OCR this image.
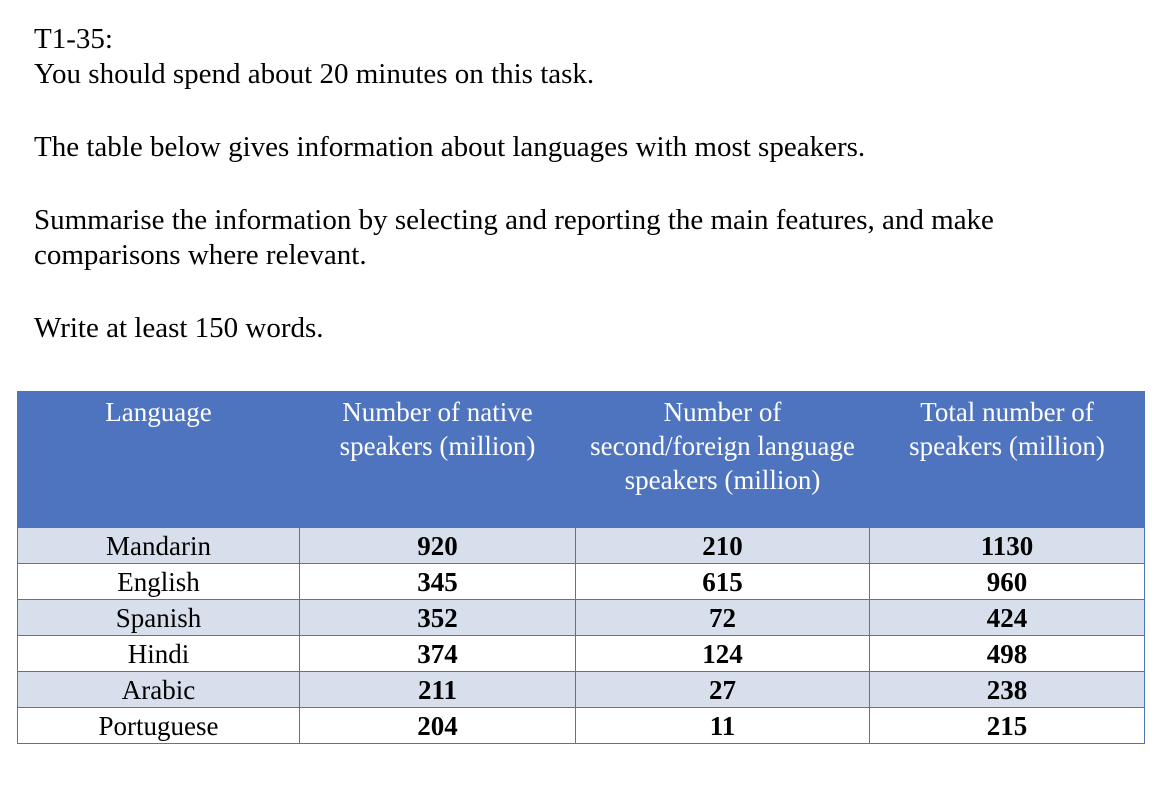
T1-35:

You should spend about 20 minutes on this task.

The table below gives information about languages with most speakers.

Summarise the information by selecting and reporting the main features, and make comparisons where relevant.

Write at least 150 words.

Language	Number of native speakers (million)	Number of second/foreign language speakers (million)	Total number of speakers (million)
Mandarin	920	210	1130
English	345	615	960
Spanish	352	72	424
Hindi	374	124	498
Arabic	211	27	238
Portuguese	204	11	215
